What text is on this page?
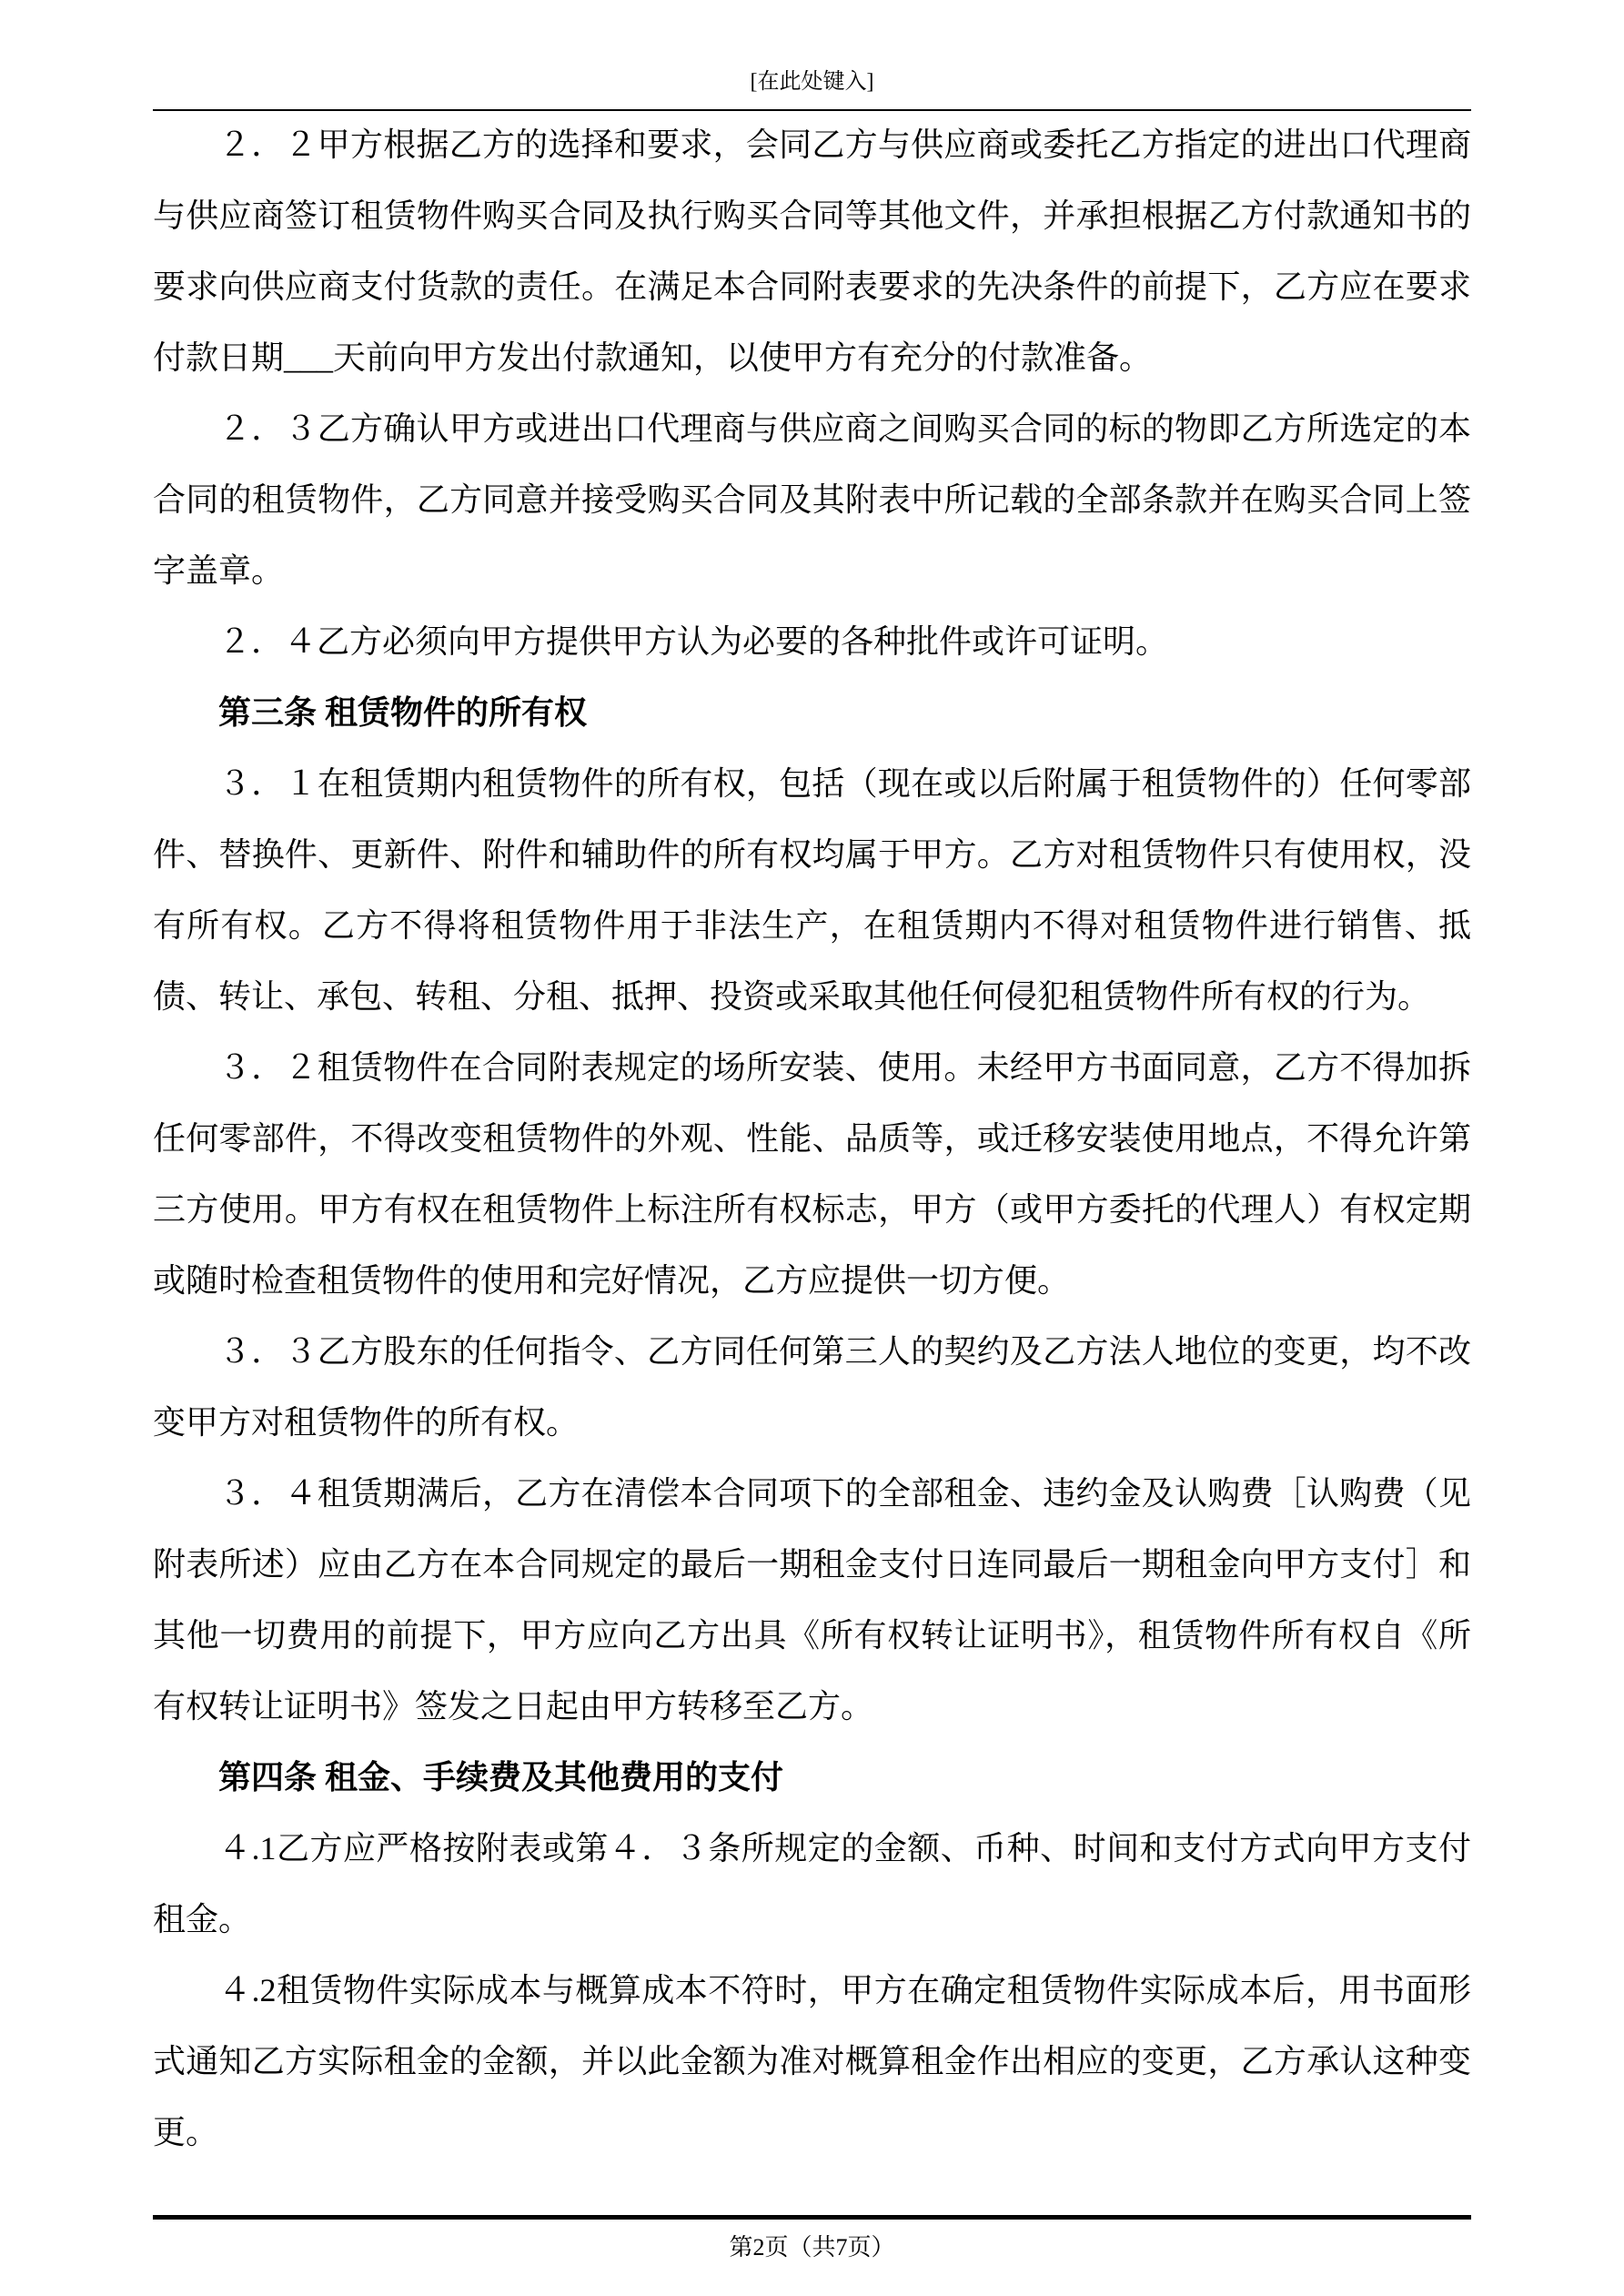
[在此处键入]

２．２甲方根据乙方的选择和要求，会同乙方与供应商或委托乙方指定的进出口代理商与供应商签订租赁物件购买合同及执行购买合同等其他文件，并承担根据乙方付款通知书的要求向供应商支付货款的责任。在满足本合同附表要求的先决条件的前提下，乙方应在要求付款日期___天前向甲方发出付款通知，以使甲方有充分的付款准备。

２．３乙方确认甲方或进出口代理商与供应商之间购买合同的标的物即乙方所选定的本合同的租赁物件，乙方同意并接受购买合同及其附表中所记载的全部条款并在购买合同上签字盖章。

２．４乙方必须向甲方提供甲方认为必要的各种批件或许可证明。

第三条 租赁物件的所有权

３．１在租赁期内租赁物件的所有权，包括（现在或以后附属于租赁物件的）任何零部件、替换件、更新件、附件和辅助件的所有权均属于甲方。乙方对租赁物件只有使用权，没有所有权。乙方不得将租赁物件用于非法生产，在租赁期内不得对租赁物件进行销售、抵债、转让、承包、转租、分租、抵押、投资或采取其他任何侵犯租赁物件所有权的行为。

３．２租赁物件在合同附表规定的场所安装、使用。未经甲方书面同意，乙方不得加拆任何零部件，不得改变租赁物件的外观、性能、品质等，或迁移安装使用地点，不得允许第三方使用。甲方有权在租赁物件上标注所有权标志，甲方（或甲方委托的代理人）有权定期或随时检查租赁物件的使用和完好情况，乙方应提供一切方便。

３．３乙方股东的任何指令、乙方同任何第三人的契约及乙方法人地位的变更，均不改变甲方对租赁物件的所有权。

３．４租赁期满后，乙方在清偿本合同项下的全部租金、违约金及认购费［认购费（见附表所述）应由乙方在本合同规定的最后一期租金支付日连同最后一期租金向甲方支付］和其他一切费用的前提下，甲方应向乙方出具《所有权转让证明书》，租赁物件所有权自《所有权转让证明书》签发之日起由甲方转移至乙方。

第四条 租金、手续费及其他费用的支付

４.1乙方应严格按附表或第４．３条所规定的金额、币种、时间和支付方式向甲方支付租金。

４.2租赁物件实际成本与概算成本不符时，甲方在确定租赁物件实际成本后，用书面形式通知乙方实际租金的金额，并以此金额为准对概算租金作出相应的变更，乙方承认这种变更。

第2页（共7页）
